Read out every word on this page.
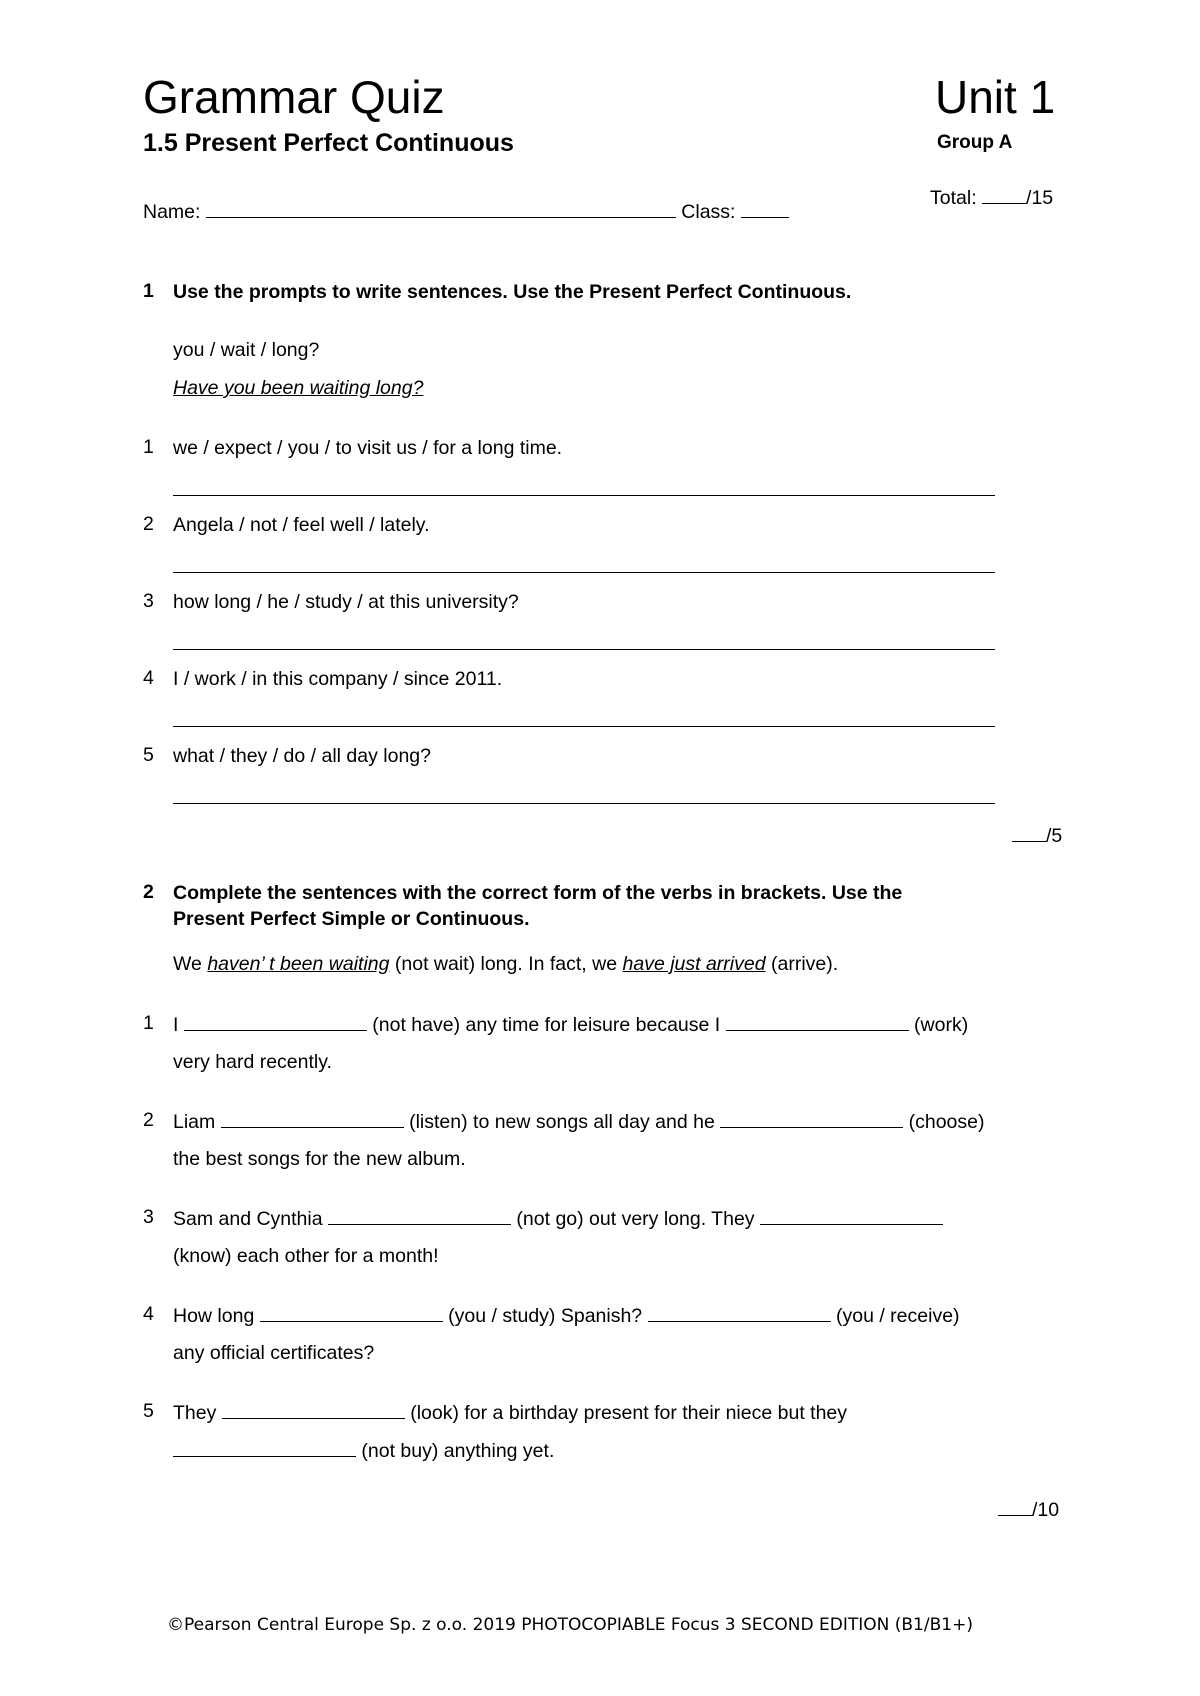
Grammar Quiz
1.5 Present Perfect Continuous
Unit 1
Group A
Name:	Class:
Total:	/15
1 Use the prompts to write sentences. Use the Present Perfect Continuous.
you / wait / long?
Have you been waiting long?
1 we / expect / you / to visit us / for a long time.
2 Angela / not / feel well / lately.
3 how long / he / study / at this university?
4 I / work / in this company / since 2011.
5 what / they / do / all day long?
/5
2 Complete the sentences with the correct form of the verbs in brackets. Use the
Present Perfect Simple or Continuous.
We haven’ t been waiting (not wait) long. In fact, we have just arrived (arrive).
1 I	(not have) any time for leisure because I	(work)
very hard recently.
2 Liam	(listen) to new songs all day and he	(choose)
the best songs for the new album.
3 Sam and Cynthia	(not go) out very long. They
(know) each other for a month!
4 How long	(you / study) Spanish?	(you / receive)
any official certificates?
5 They	(look) for a birthday present for their niece but they
(not buy) anything yet.
/10
©Pearson Central Europe Sp. z o.o. 2019 PHOTOCOPIABLE Focus 3 SECOND EDITION (B1/B1+)
